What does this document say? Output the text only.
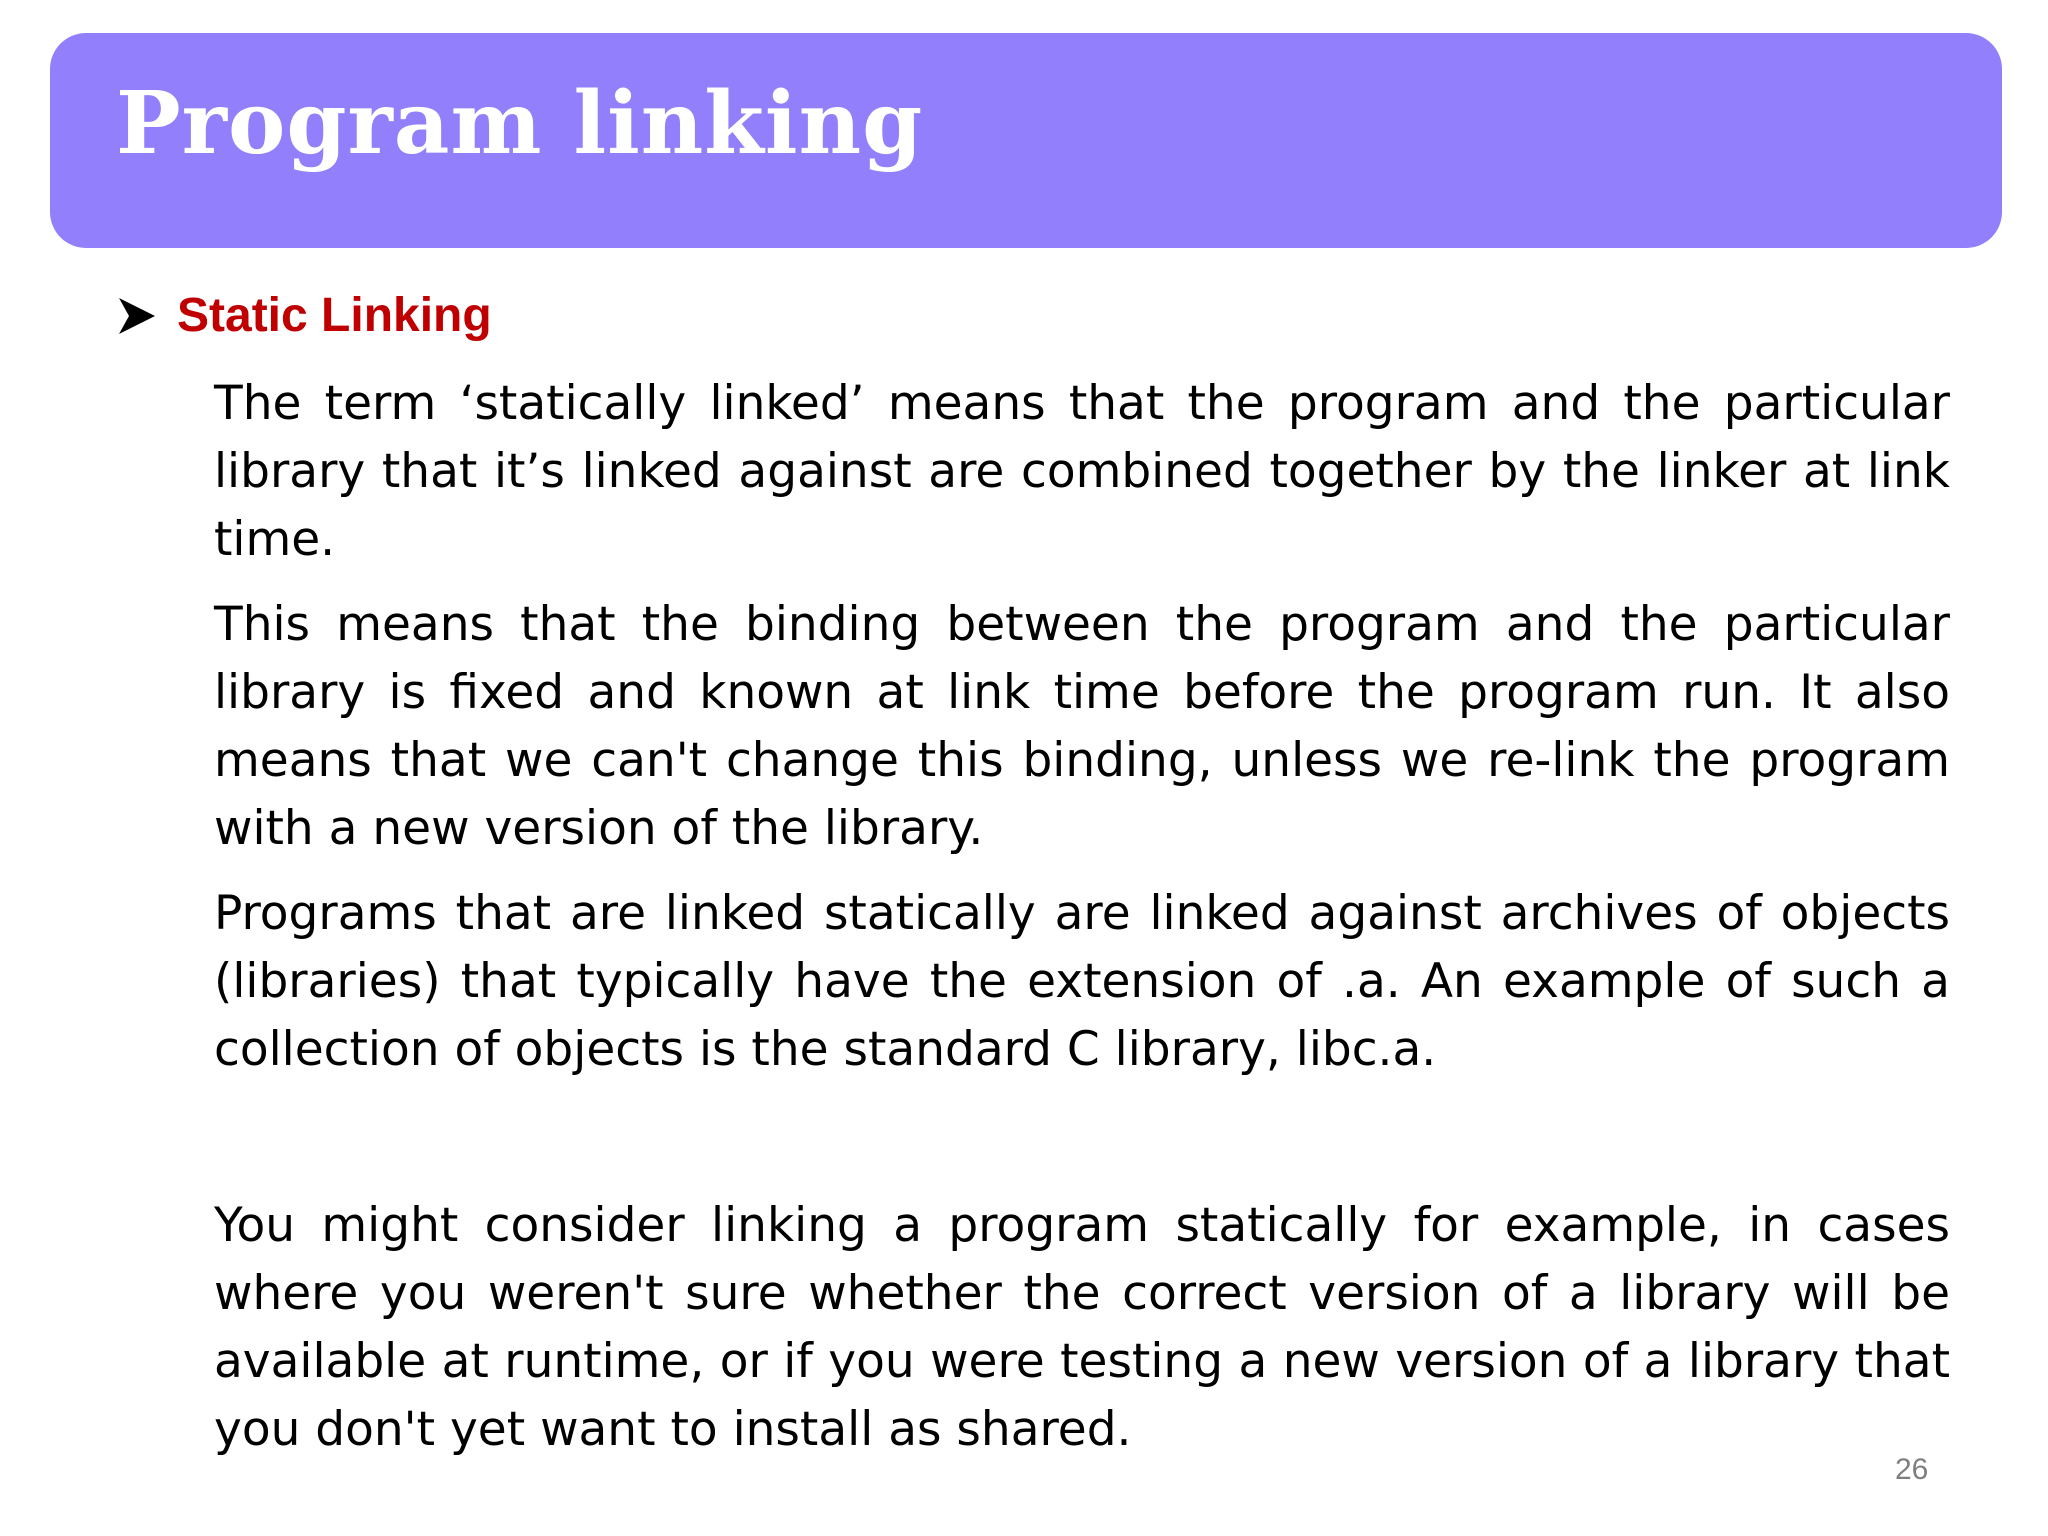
Program linking
Static Linking

The term ‘statically linked’ means that the program and the particular library that it’s linked against are combined together by the linker at link time.

This means that the binding between the program and the particular library is fixed and known at link time before the program run. It also means that we can't change this binding, unless we re-link the program with a new version of the library.

Programs that are linked statically are linked against archives of objects (libraries) that typically have the extension of .a. An example of such a collection of objects is the standard C library, libc.a.

You might consider linking a program statically for example, in cases where you weren't sure whether the correct version of a library will be available at runtime, or if you were testing a new version of a library that you don't yet want to install as shared.

26
